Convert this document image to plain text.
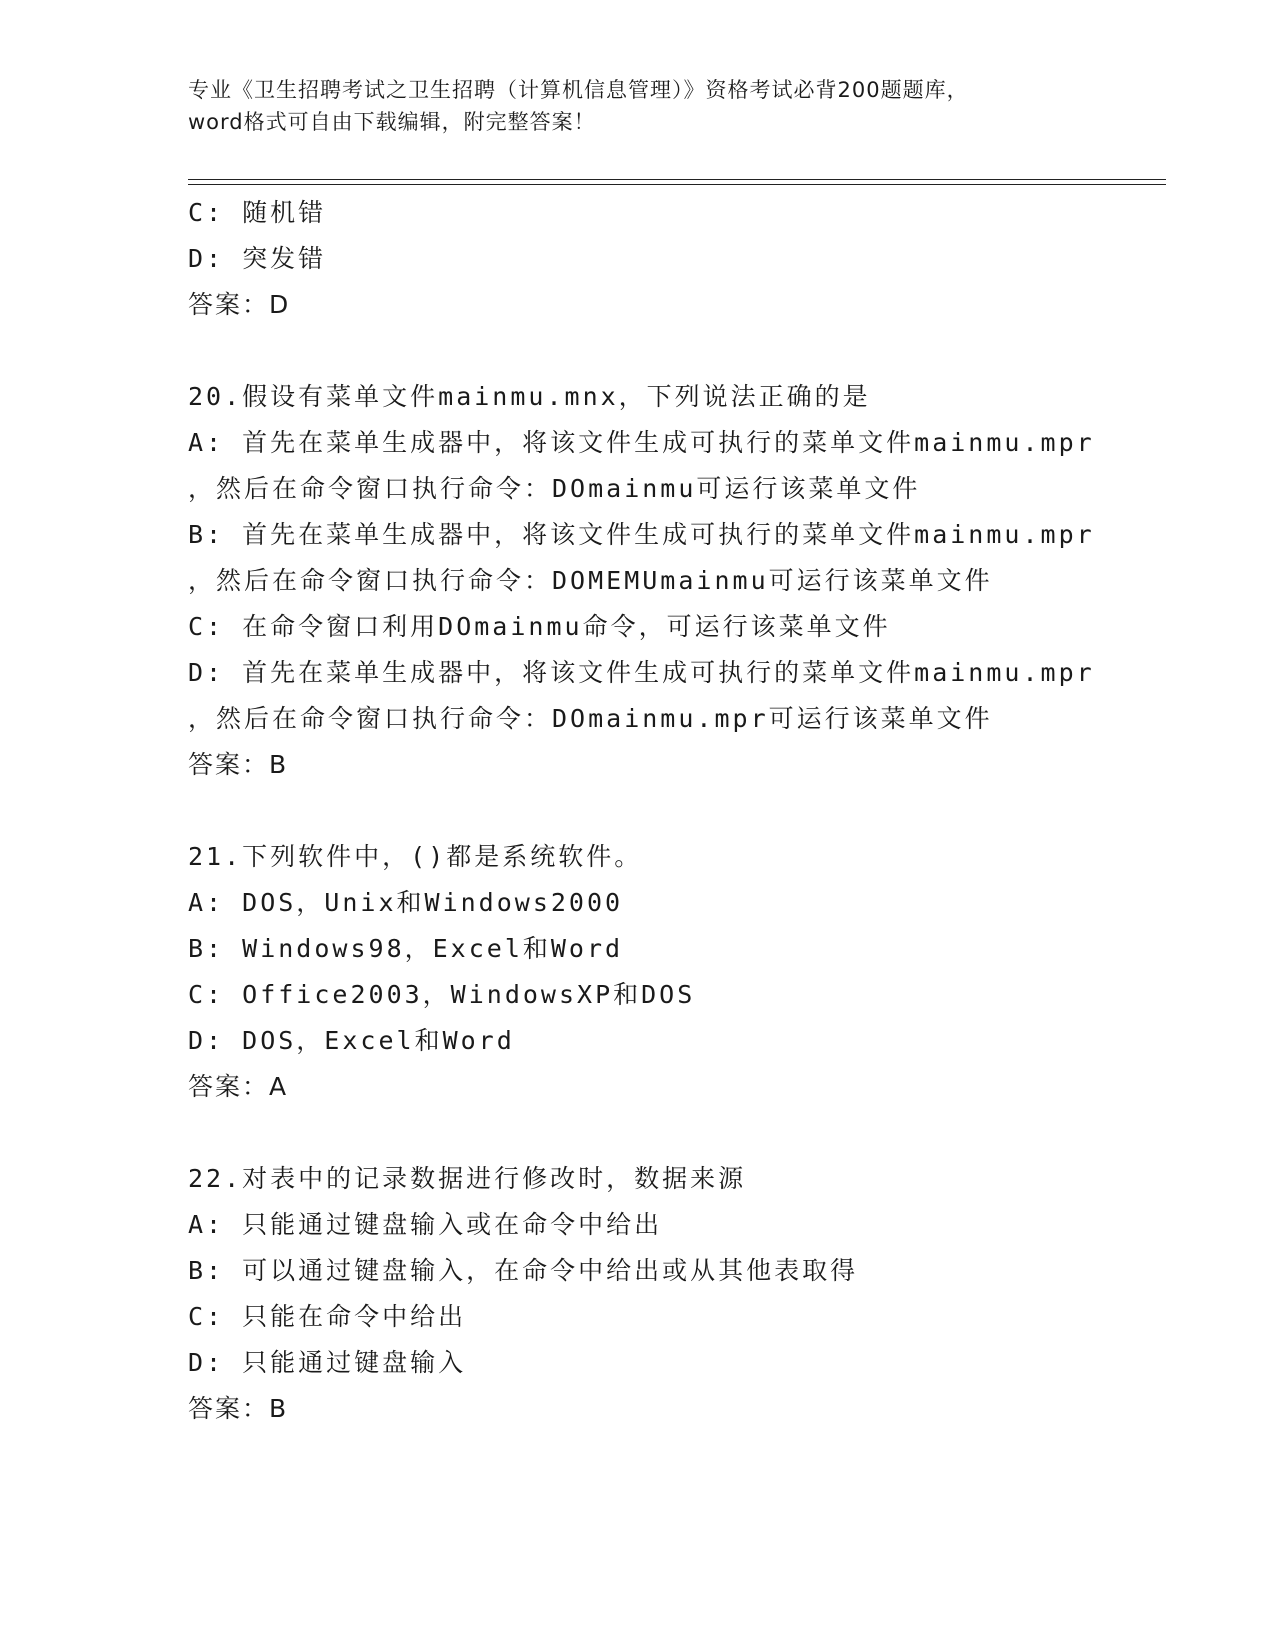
专业《卫生招聘考试之卫生招聘（计算机信息管理）》资格考试必背200题题库，
word格式可自由下载编辑，附完整答案！
C: 随机错
D: 突发错
答案：D
20.假设有菜单文件mainmu.mnx，下列说法正确的是
A: 首先在菜单生成器中，将该文件生成可执行的菜单文件mainmu.mpr
，然后在命令窗口执行命令：DOmainmu可运行该菜单文件
B: 首先在菜单生成器中，将该文件生成可执行的菜单文件mainmu.mpr
，然后在命令窗口执行命令：DOMEMUmainmu可运行该菜单文件
C: 在命令窗口利用DOmainmu命令，可运行该菜单文件
D: 首先在菜单生成器中，将该文件生成可执行的菜单文件mainmu.mpr
，然后在命令窗口执行命令：DOmainmu.mpr可运行该菜单文件
答案：B
21.下列软件中，()都是系统软件。
A: DOS，Unix和Windows2000
B: Windows98，Excel和Word
C: Office2003，WindowsXP和DOS
D: DOS，Excel和Word
答案：A
22.对表中的记录数据进行修改时，数据来源
A: 只能通过键盘输入或在命令中给出
B: 可以通过键盘输入，在命令中给出或从其他表取得
C: 只能在命令中给出
D: 只能通过键盘输入
答案：B
